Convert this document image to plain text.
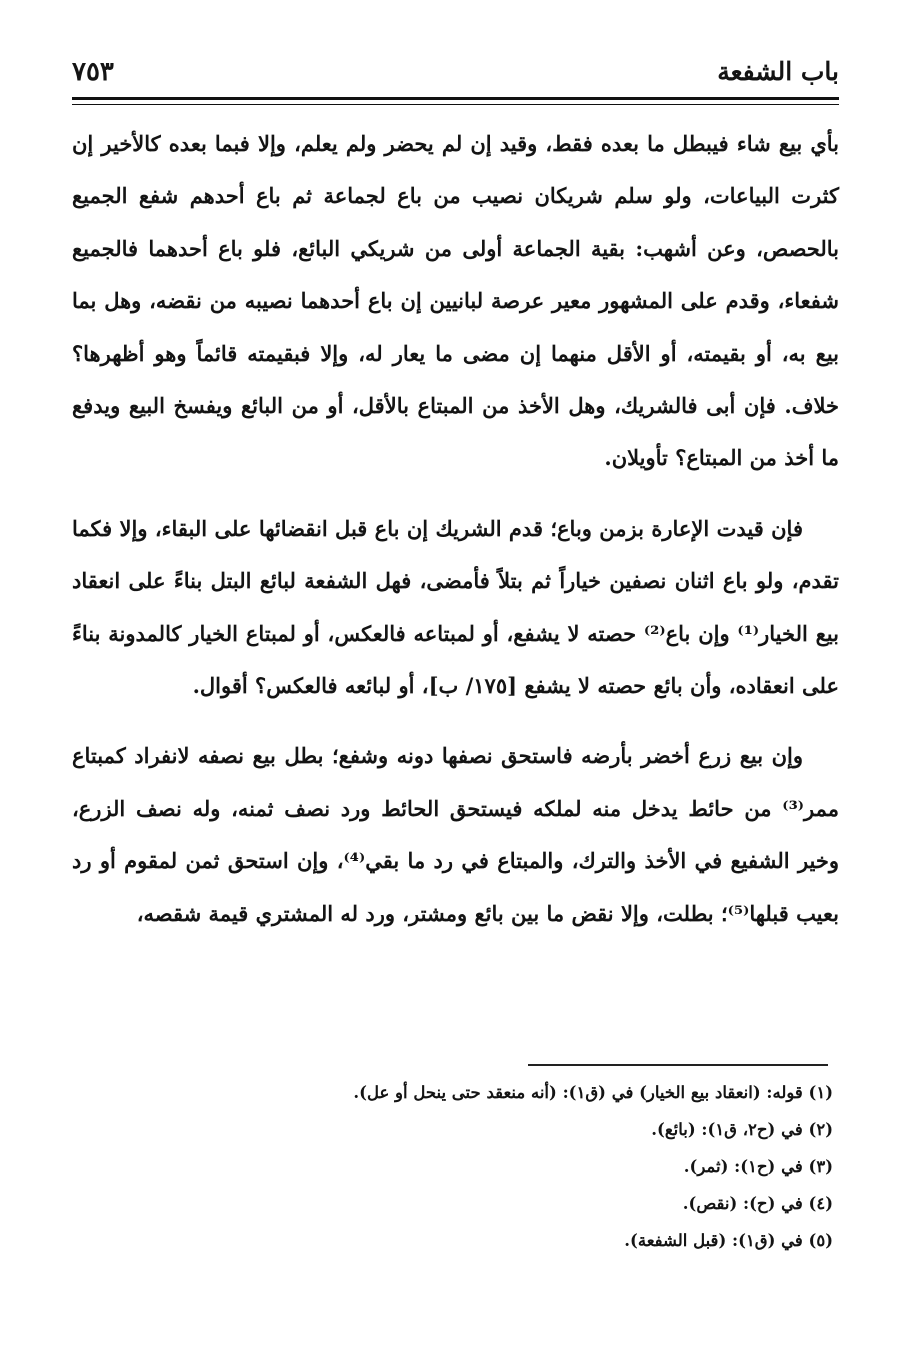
باب الشفعة
٧٥٣

بأي بيع شاء فيبطل ما بعده فقط، وقيد إن لم يحضر ولم يعلم، وإلا فبما بعده كالأخير إن كثرت البياعات، ولو سلم شريكان نصيب من باع لجماعة ثم باع أحدهم شفع الجميع بالحصص، وعن أشهب: بقية الجماعة أولى من شريكي البائع، فلو باع أحدهما فالجميع شفعاء، وقدم على المشهور معير عرصة لبانيين إن باع أحدهما نصيبه من نقضه، وهل بما بيع به، أو بقيمته، أو الأقل منهما إن مضى ما يعار له، وإلا فبقيمته قائماً وهو أظهرها؟ خلاف. فإن أبى فالشريك، وهل الأخذ من المبتاع بالأقل، أو من البائع ويفسخ البيع ويدفع ما أخذ من المبتاع؟ تأويلان.

فإن قيدت الإعارة بزمن وباع؛ قدم الشريك إن باع قبل انقضائها على البقاء، وإلا فكما تقدم، ولو باع اثنان نصفين خياراً ثم بتلاً فأمضى، فهل الشفعة لبائع البتل بناءً على انعقاد بيع الخيار⁽¹⁾ وإن باع⁽²⁾ حصته لا يشفع، أو لمبتاعه فالعكس، أو لمبتاع الخيار كالمدونة بناءً على انعقاده، وأن بائع حصته لا يشفع [١٧٥/ ب]، أو لبائعه فالعكس؟ أقوال.

وإن بيع زرع أخضر بأرضه فاستحق نصفها دونه وشفع؛ بطل بيع نصفه لانفراد كمبتاع ممر⁽³⁾ من حائط يدخل منه لملكه فيستحق الحائط ورد نصف ثمنه، وله نصف الزرع، وخير الشفيع في الأخذ والترك، والمبتاع في رد ما بقي⁽⁴⁾، وإن استحق ثمن لمقوم أو رد بعيب قبلها⁽⁵⁾؛ بطلت، وإلا نقض ما بين بائع ومشتر، ورد له المشتري قيمة شقصه،

(١) قوله: (انعقاد بيع الخيار) في (ق١): (أنه منعقد حتى ينحل أو عل).
(٢) في (ح٢، ق١): (بائع).
(٣) في (ح١): (ثمر).
(٤) في (ح): (نقص).
(٥) في (ق١): (قبل الشفعة).
